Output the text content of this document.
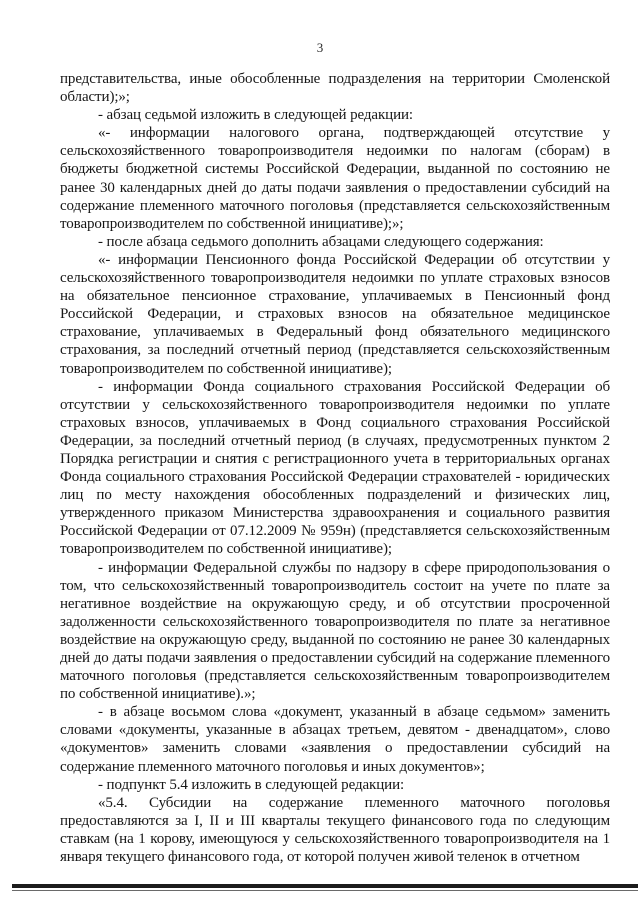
3

представительства, иные обособленные подразделения на территории Смоленской области);»;

- абзац седьмой изложить в следующей редакции:

«- информации налогового органа, подтверждающей отсутствие у сельскохозяйственного товаропроизводителя недоимки по налогам (сборам) в бюджеты бюджетной системы Российской Федерации, выданной по состоянию не ранее 30 календарных дней до даты подачи заявления о предоставлении субсидий на содержание племенного маточного поголовья (представляется сельскохозяйственным товаропроизводителем по собственной инициативе);»;

- после абзаца седьмого дополнить абзацами следующего содержания:

«- информации Пенсионного фонда Российской Федерации об отсутствии у сельскохозяйственного товаропроизводителя недоимки по уплате страховых взносов на обязательное пенсионное страхование, уплачиваемых в Пенсионный фонд Российской Федерации, и страховых взносов на обязательное медицинское страхование, уплачиваемых в Федеральный фонд обязательного медицинского страхования, за последний отчетный период (представляется сельскохозяйственным товаропроизводителем по собственной инициативе);

- информации Фонда социального страхования Российской Федерации об отсутствии у сельскохозяйственного товаропроизводителя недоимки по уплате страховых взносов, уплачиваемых в Фонд социального страхования Российской Федерации, за последний отчетный период (в случаях, предусмотренных пунктом 2 Порядка регистрации и снятия с регистрационного учета в территориальных органах Фонда социального страхования Российской Федерации страхователей - юридических лиц по месту нахождения обособленных подразделений и физических лиц, утвержденного приказом Министерства здравоохранения и социального развития Российской Федерации от 07.12.2009 № 959н) (представляется сельскохозяйственным товаропроизводителем по собственной инициативе);

- информации Федеральной службы по надзору в сфере природопользования о том, что сельскохозяйственный товаропроизводитель состоит на учете по плате за негативное воздействие на окружающую среду, и об отсутствии просроченной задолженности сельскохозяйственного товаропроизводителя по плате за негативное воздействие на окружающую среду, выданной по состоянию не ранее 30 календарных дней до даты подачи заявления о предоставлении субсидий на содержание племенного маточного поголовья (представляется сельскохозяйственным товаропроизводителем по собственной инициативе).»;

- в абзаце восьмом слова «документ, указанный в абзаце седьмом» заменить словами «документы, указанные в абзацах третьем, девятом - двенадцатом», слово «документов» заменить словами «заявления о предоставлении субсидий на содержание племенного маточного поголовья и иных документов»;

- подпункт 5.4 изложить в следующей редакции:

«5.4. Субсидии на содержание племенного маточного поголовья предоставляются за I, II и III кварталы текущего финансового года по следующим ставкам (на 1 корову, имеющуюся у сельскохозяйственного товаропроизводителя на 1 января текущего финансового года, от которой получен живой теленок в отчетном
